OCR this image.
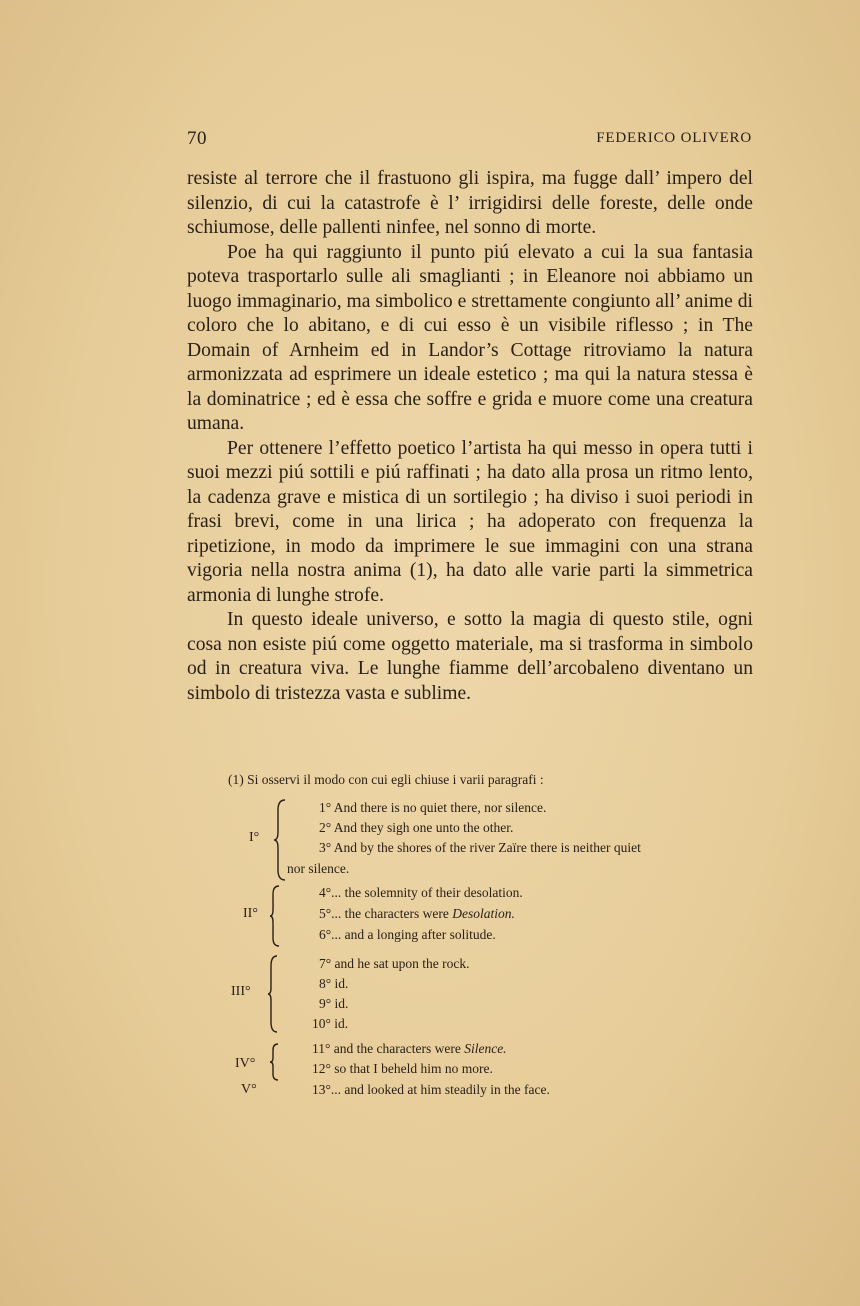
70	FEDERICO OLIVERO

resiste al terrore che il frastuono gli ispira, ma fugge dall’ impero del silenzio, di cui la catastrofe è l’ irrigidirsi delle foreste, delle onde schiumose, delle pallenti ninfee, nel sonno di morte.

Poe ha qui raggiunto il punto piú elevato a cui la sua fantasia poteva trasportarlo sulle ali smaglianti ; in Eleanore noi abbiamo un luogo immaginario, ma simbolico e strettamente congiunto all’ anime di coloro che lo abitano, e di cui esso è un visibile riflesso ; in The Domain of Arnheim ed in Landor’s Cottage ritroviamo la natura armonizzata ad esprimere un ideale estetico ; ma qui la natura stessa è la dominatrice ; ed è essa che soffre e grida e muore come una creatura umana.

Per ottenere l’effetto poetico l’artista ha qui messo in opera tutti i suoi mezzi piú sottili e piú raffinati ; ha dato alla prosa un ritmo lento, la cadenza grave e mistica di un sortilegio ; ha diviso i suoi periodi in frasi brevi, come in una lirica ; ha adoperato con frequenza la ripetizione, in modo da imprimere le sue immagini con una strana vigoria nella nostra anima (1), ha dato alle varie parti la simmetrica armonia di lunghe strofe.

In questo ideale universo, e sotto la magia di questo stile, ogni cosa non esiste piú come oggetto materiale, ma si trasforma in simbolo od in creatura viva. Le lunghe fiamme dell’arcobaleno diventano un simbolo di tristezza vasta e sublime.

(1) Si osservi il modo con cui egli chiuse i varii paragrafi :
I°
1° And there is no quiet there, nor silence.
2° And they sigh one unto the other.
3° And by the shores of the river Zaïre there is neither quiet
nor silence.
II°
4°... the solemnity of their desolation.
5°... the characters were Desolation.
6°... and a longing after solitude.
III°
7° and he sat upon the rock.
8° id.
9° id.
10° id.
IV°
11° and the characters were Silence.
12° so that I beheld him no more.
V°	13°... and looked at him steadily in the face.
